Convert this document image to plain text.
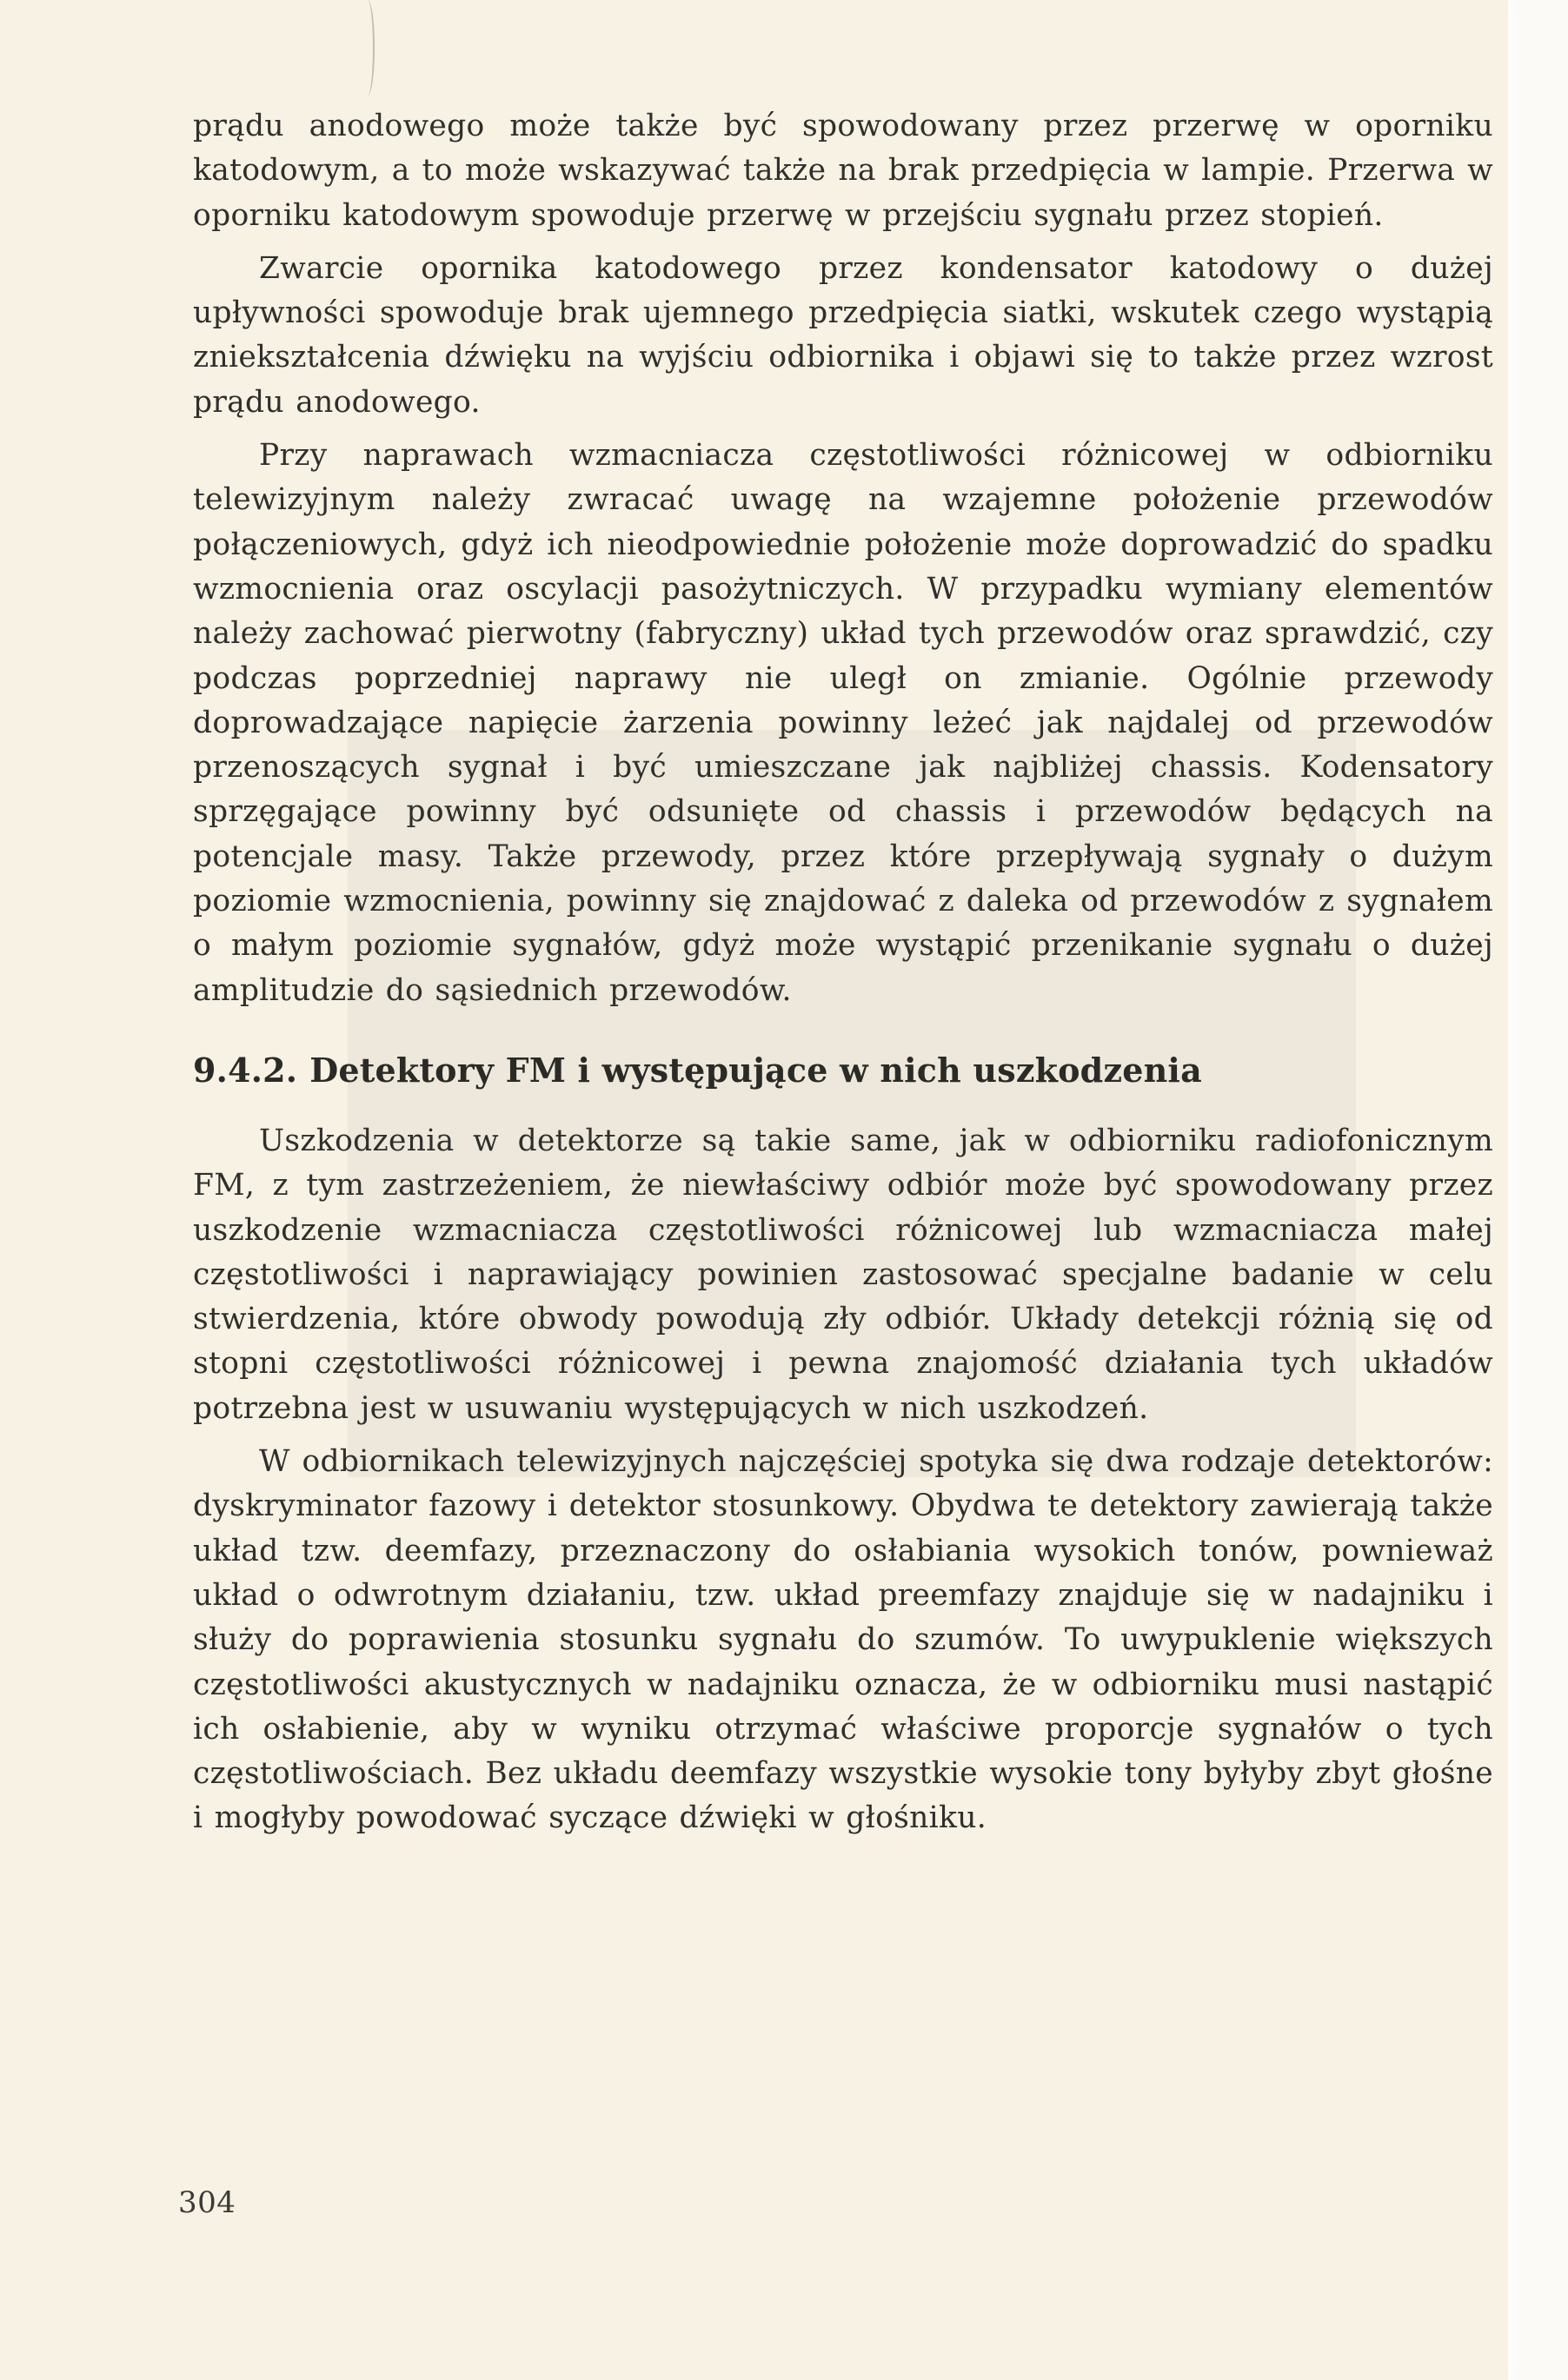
prądu anodowego może także być spowodowany przez przerwę w oporniku katodowym, a to może wskazywać także na brak przedpięcia w lampie. Przerwa w oporniku katodowym spowoduje przerwę w przejściu sygnału przez stopień.

Zwarcie opornika katodowego przez kondensator katodowy o dużej upływności spowoduje brak ujemnego przedpięcia siatki, wskutek czego wystąpią zniekształcenia dźwięku na wyjściu odbiornika i objawi się to także przez wzrost prądu anodowego.

Przy naprawach wzmacniacza częstotliwości różnicowej w odbiorniku telewizyjnym należy zwracać uwagę na wzajemne położenie przewodów połączeniowych, gdyż ich nieodpowiednie położenie może doprowadzić do spadku wzmocnienia oraz oscylacji pasożytniczych. W przypadku wymiany elementów należy zachować pierwotny (fabryczny) układ tych przewodów oraz sprawdzić, czy podczas poprzedniej naprawy nie uległ on zmianie. Ogólnie przewody doprowadzające napięcie żarzenia powinny leżeć jak najdalej od przewodów przenoszących sygnał i być umieszczane jak najbliżej chassis. Kodensatory sprzęgające powinny być odsunięte od chassis i przewodów będących na potencjale masy. Także przewody, przez które przepływają sygnały o dużym poziomie wzmocnienia, powinny się znajdować z daleka od przewodów z sygnałem o małym poziomie sygnałów, gdyż może wystąpić przenikanie sygnału o dużej amplitudzie do sąsiednich przewodów.

9.4.2. Detektory FM i występujące w nich uszkodzenia

Uszkodzenia w detektorze są takie same, jak w odbiorniku radiofonicznym FM, z tym zastrzeżeniem, że niewłaściwy odbiór może być spowodowany przez uszkodzenie wzmacniacza częstotliwości różnicowej lub wzmacniacza małej częstotliwości i naprawiający powinien zastosować specjalne badanie w celu stwierdzenia, które obwody powodują zły odbiór. Układy detekcji różnią się od stopni częstotliwości różnicowej i pewna znajomość działania tych układów potrzebna jest w usuwaniu występujących w nich uszkodzeń.

W odbiornikach telewizyjnych najczęściej spotyka się dwa rodzaje detektorów: dyskryminator fazowy i detektor stosunkowy. Obydwa te detektory zawierają także układ tzw. deemfazy, przeznaczony do osłabiania wysokich tonów, pownieważ układ o odwrotnym działaniu, tzw. układ preemfazy znajduje się w nadajniku i służy do poprawienia stosunku sygnału do szumów. To uwypuklenie większych częstotliwości akustycznych w nadajniku oznacza, że w odbiorniku musi nastąpić ich osłabienie, aby w wyniku otrzymać właściwe proporcje sygnałów o tych częstotliwościach. Bez układu deemfazy wszystkie wysokie tony byłyby zbyt głośne i mogłyby powodować syczące dźwięki w głośniku.

304
